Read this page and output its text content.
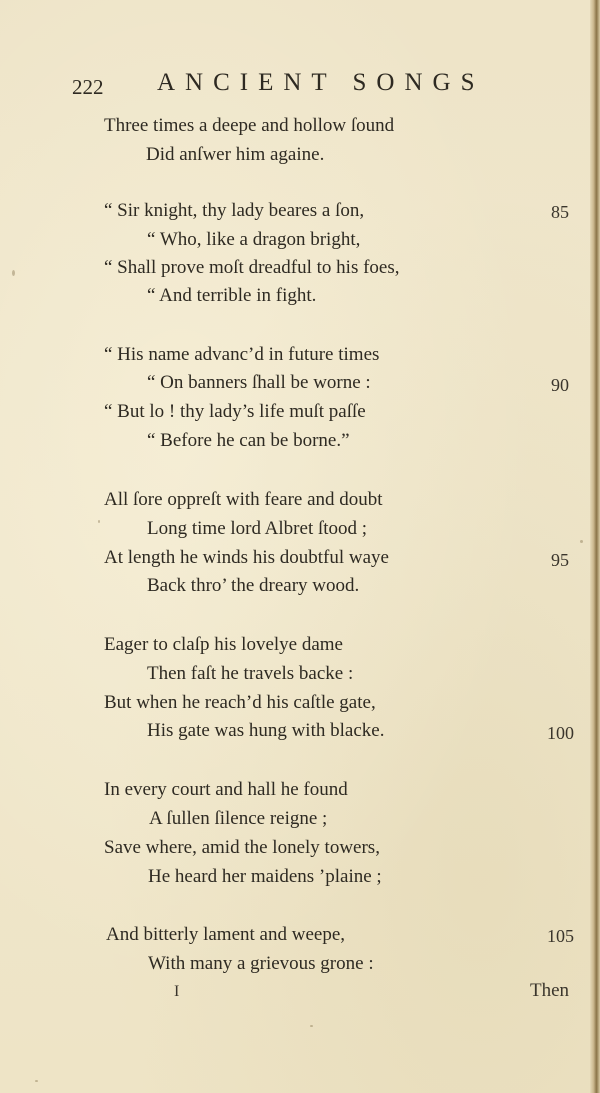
222 ANCIENT SONGS
Three times a deepe and hollow ſound
Did anſwer him againe.
“ Sir knight, thy lady beares a ſon,	85
“ Who, like a dragon bright,
“ Shall prove moſt dreadful to his foes,
“ And terrible in fight.
“ His name advanc’d in future times
“ On banners ſhall be worne :	90
“ But lo ! thy lady’s life muſt paſſe
“ Before he can be borne.”
All ſore oppreſt with feare and doubt
Long time lord Albret ſtood ;
At length he winds his doubtful waye	95
Back thro’ the dreary wood.
Eager to claſp his lovelye dame
Then faſt he travels backe :
But when he reach’d his caſtle gate,
His gate was hung with blacke.	100
In every court and hall he found
A ſullen ſilence reigne ;
Save where, amid the lonely towers,
He heard her maidens ’plaine ;
And bitterly lament and weepe,	105
With many a grievous grone :
I	Then
